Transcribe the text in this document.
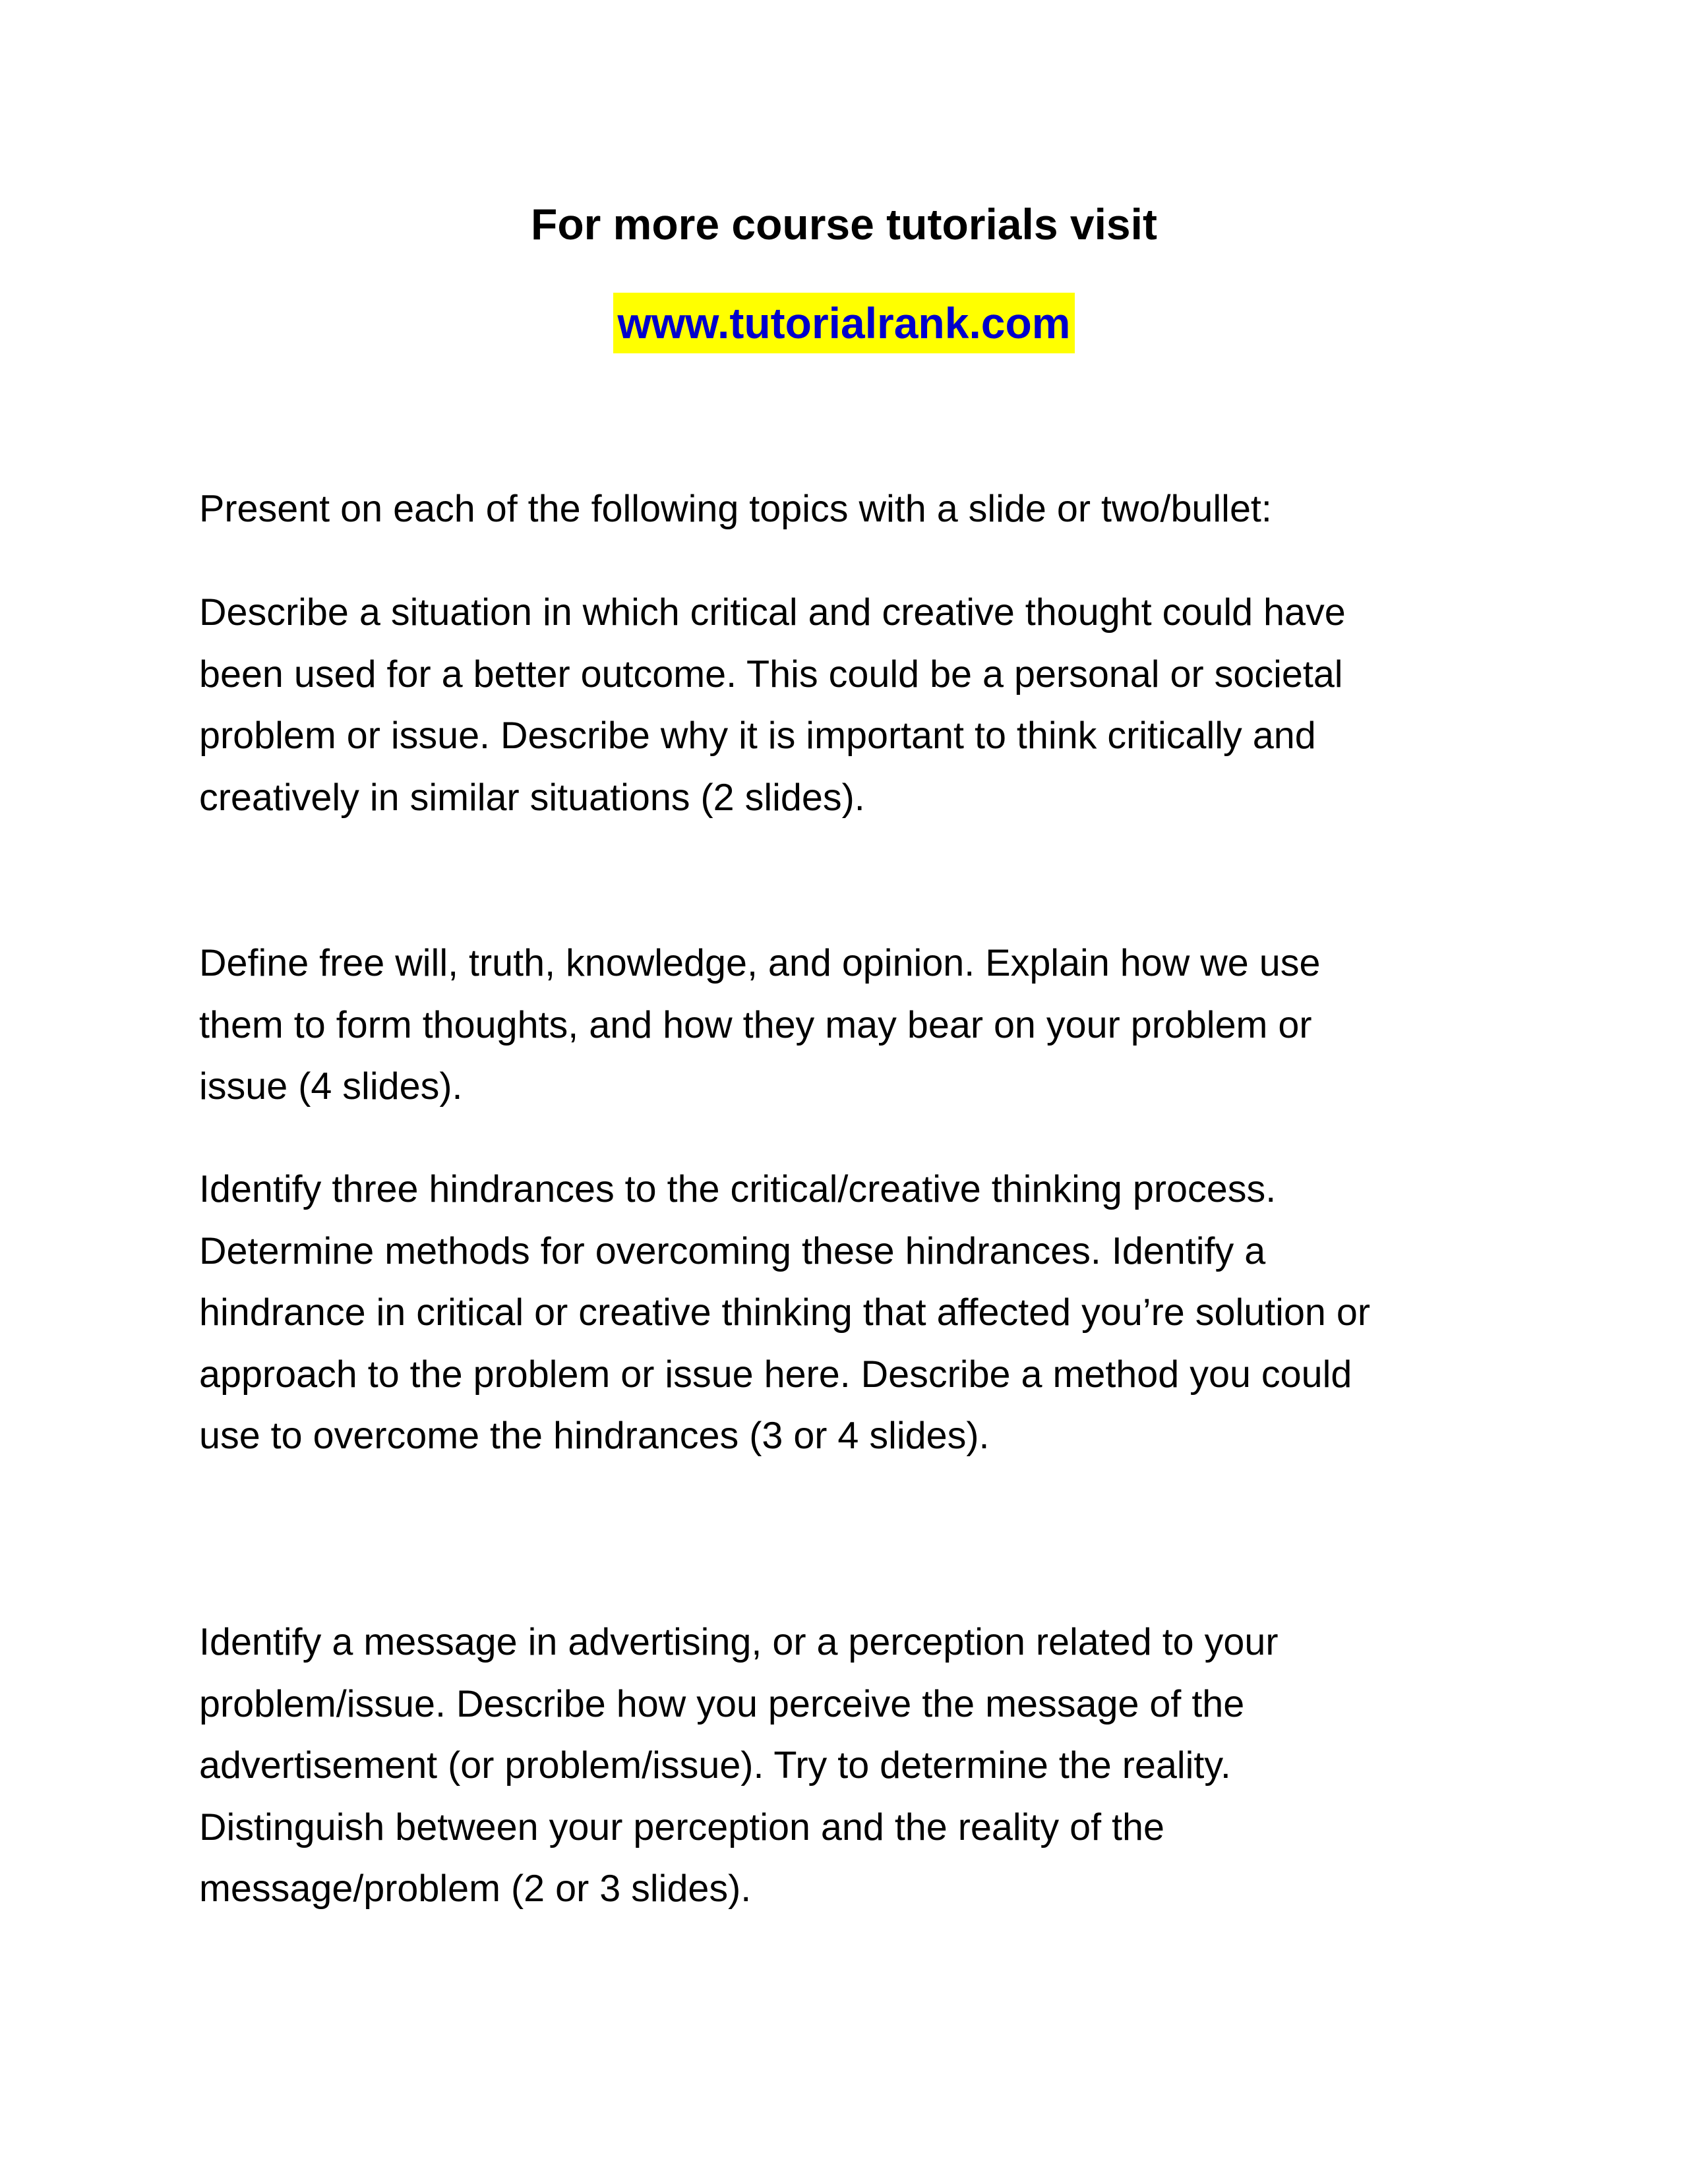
For more course tutorials visit
www.tutorialrank.com

Present on each of the following topics with a slide or two/bullet:

Describe a situation in which critical and creative thought could have
been used for a better outcome. This could be a personal or societal
problem or issue. Describe why it is important to think critically and
creatively in similar situations (2 slides).

Define free will, truth, knowledge, and opinion. Explain how we use
them to form thoughts, and how they may bear on your problem or
issue (4 slides).

Identify three hindrances to the critical/creative thinking process.
Determine methods for overcoming these hindrances. Identify a
hindrance in critical or creative thinking that affected you’re solution or
approach to the problem or issue here. Describe a method you could
use to overcome the hindrances (3 or 4 slides).

Identify a message in advertising, or a perception related to your
problem/issue. Describe how you perceive the message of the
advertisement (or problem/issue). Try to determine the reality.
Distinguish between your perception and the reality of the
message/problem (2 or 3 slides).
